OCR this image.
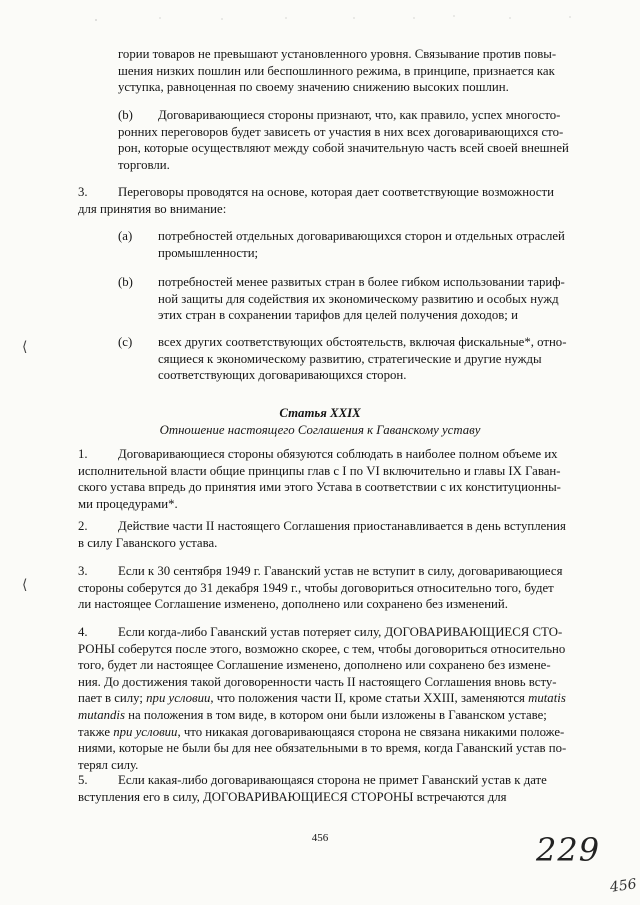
гории товаров не превышают установленного уровня. Связывание против повы-
шения низких пошлин или беспошлинного режима, в принципе, признается как
уступка, равноценная по своему значению снижению высоких пошлин.
(b) Договаривающиеся стороны признают, что, как правило, успех многосто-
ронних переговоров будет зависеть от участия в них всех договаривающихся сто-
рон, которые осуществляют между собой значительную часть всей своей внешней
торговли.
3. Переговоры проводятся на основе, которая дает соответствующие возможности
для принятия во внимание:
(а) потребностей отдельных договаривающихся сторон и отдельных отраслей
промышленности;
(b) потребностей менее развитых стран в более гибком использовании тариф-
ной защиты для содействия их экономическому развитию и особых нужд
этих стран в сохранении тарифов для целей получения доходов; и
(с) всех других соответствующих обстоятельств, включая фискальные*, отно-
сящиеся к экономическому развитию, стратегические и другие нужды
соответствующих договаривающихся сторон.
⟨

Статья XXIX

Отношение настоящего Соглашения к Гаванскому уставу

1. Договаривающиеся стороны обязуются соблюдать в наиболее полном объеме их
исполнительной власти общие принципы глав с I по VI включительно и главы IX Гаван-
ского устава впредь до принятия ими этого Устава в соответствии с их конституционны-
ми процедурами*.
2. Действие части II настоящего Соглашения приостанавливается в день вступления
в силу Гаванского устава.
3. Если к 30 сентября 1949 г. Гаванский устав не вступит в силу, договаривающиеся
стороны соберутся до 31 декабря 1949 г., чтобы договориться относительно того, будет
ли настоящее Соглашение изменено, дополнено или сохранено без изменений.
⟨
4. Если когда-либо Гаванский устав потеряет силу, ДОГОВАРИВАЮЩИЕСЯ СТО-
РОНЫ соберутся после этого, возможно скорее, с тем, чтобы договориться относительно
того, будет ли настоящее Соглашение изменено, дополнено или сохранено без измене-
ния. До достижения такой договоренности часть II настоящего Соглашения вновь всту-
пает в силу; при условии, что положения части II, кроме статьи XXIII, заменяются mutatis
mutandis на положения в том виде, в котором они были изложены в Гаванском уставе;
также при условии, что никакая договаривающаяся сторона не связана никакими положе-
ниями, которые не были бы для нее обязательными в то время, когда Гаванский устав по-
терял силу.
5. Если какая-либо договаривающаяся сторона не примет Гаванский устав к дате
вступления его в силу, ДОГОВАРИВАЮЩИЕСЯ СТОРОНЫ встречаются для
456	229
456
